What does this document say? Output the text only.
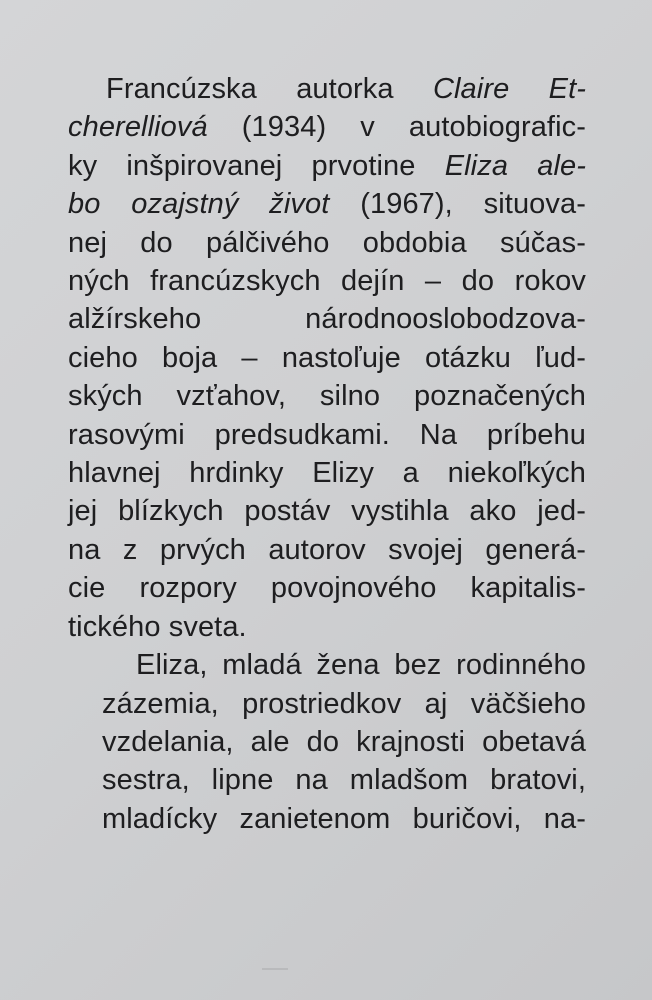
Francúzska autorka Claire Et-
cherelliová (1934) v autobiografic-
ky inšpirovanej prvotine Eliza ale-
bo ozajstný život (1967), situova-
nej do pálčivého obdobia súčas-
ných francúzskych dejín – do rokov
alžírskeho národnooslobodzova-
cieho boja – nastoľuje otázku ľud-
ských vzťahov, silno poznačených
rasovými predsudkami. Na príbehu
hlavnej hrdinky Elizy a niekoľkých
jej blízkych postáv vystihla ako jed-
na z prvých autorov svojej generá-
cie rozpory povojnového kapitalis-
tického sveta.
Eliza, mladá žena bez rodinného
zázemia, prostriedkov aj väčšieho
vzdelania, ale do krajnosti obetavá
sestra, lipne na mladšom bratovi,
mladícky zanietenom buričovi, na-
